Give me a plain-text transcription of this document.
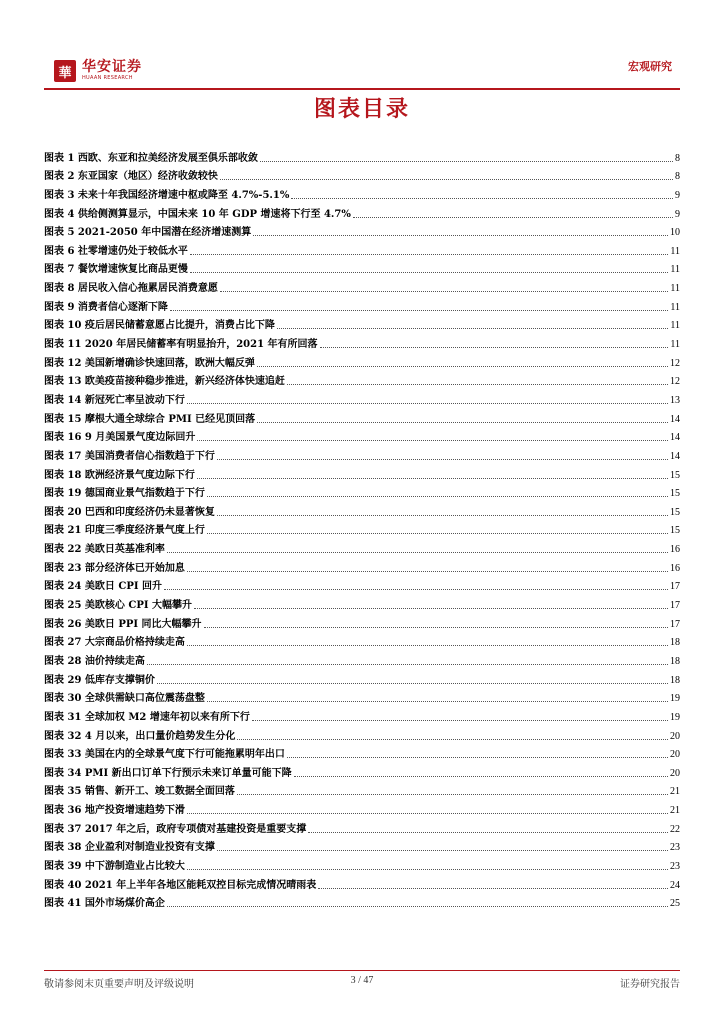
華 华安证券
HUAAN RESEARCH
宏观研究
图表目录
图表 1 西欧、东亚和拉美经济发展至俱乐部收敛	8
图表 2 东亚国家（地区）经济收敛较快	8
图表 3 未来十年我国经济增速中枢或降至 4.7%-5.1%	9
图表 4 供给侧测算显示，中国未来 10 年 GDP 增速将下行至 4.7%	9
图表 5 2021-2050 年中国潜在经济增速测算	10
图表 6 社零增速仍处于较低水平	11
图表 7 餐饮增速恢复比商品更慢	11
图表 8 居民收入信心拖累居民消费意愿	11
图表 9 消费者信心逐渐下降	11
图表 10 疫后居民储蓄意愿占比提升，消费占比下降	11
图表 11 2020 年居民储蓄率有明显抬升，2021 年有所回落	11
图表 12 美国新增确诊快速回落，欧洲大幅反弹	12
图表 13 欧美疫苗接种稳步推进，新兴经济体快速追赶	12
图表 14 新冠死亡率呈波动下行	13
图表 15 摩根大通全球综合 PMI 已经见顶回落	14
图表 16 9 月美国景气度边际回升	14
图表 17 美国消费者信心指数趋于下行	14
图表 18 欧洲经济景气度边际下行	15
图表 19 德国商业景气指数趋于下行	15
图表 20 巴西和印度经济仍未显著恢复	15
图表 21 印度三季度经济景气度上行	15
图表 22 美欧日英基准利率	16
图表 23 部分经济体已开始加息	16
图表 24 美欧日 CPI 回升	17
图表 25 美欧核心 CPI 大幅攀升	17
图表 26 美欧日 PPI 同比大幅攀升	17
图表 27 大宗商品价格持续走高	18
图表 28 油价持续走高	18
图表 29 低库存支撑铜价	18
图表 30 全球供需缺口高位震荡盘整	19
图表 31 全球加权 M2 增速年初以来有所下行	19
图表 32 4 月以来，出口量价趋势发生分化	20
图表 33 美国在内的全球景气度下行可能拖累明年出口	20
图表 34 PMI 新出口订单下行预示未来订单量可能下降	20
图表 35 销售、新开工、竣工数据全面回落	21
图表 36 地产投资增速趋势下滑	21
图表 37 2017 年之后，政府专项债对基建投资是重要支撑	22
图表 38 企业盈利对制造业投资有支撑	23
图表 39 中下游制造业占比较大	23
图表 40 2021 年上半年各地区能耗双控目标完成情况晴雨表	24
图表 41 国外市场煤价高企	25
敬请参阅末页重要声明及评级说明	3 / 47	证券研究报告
